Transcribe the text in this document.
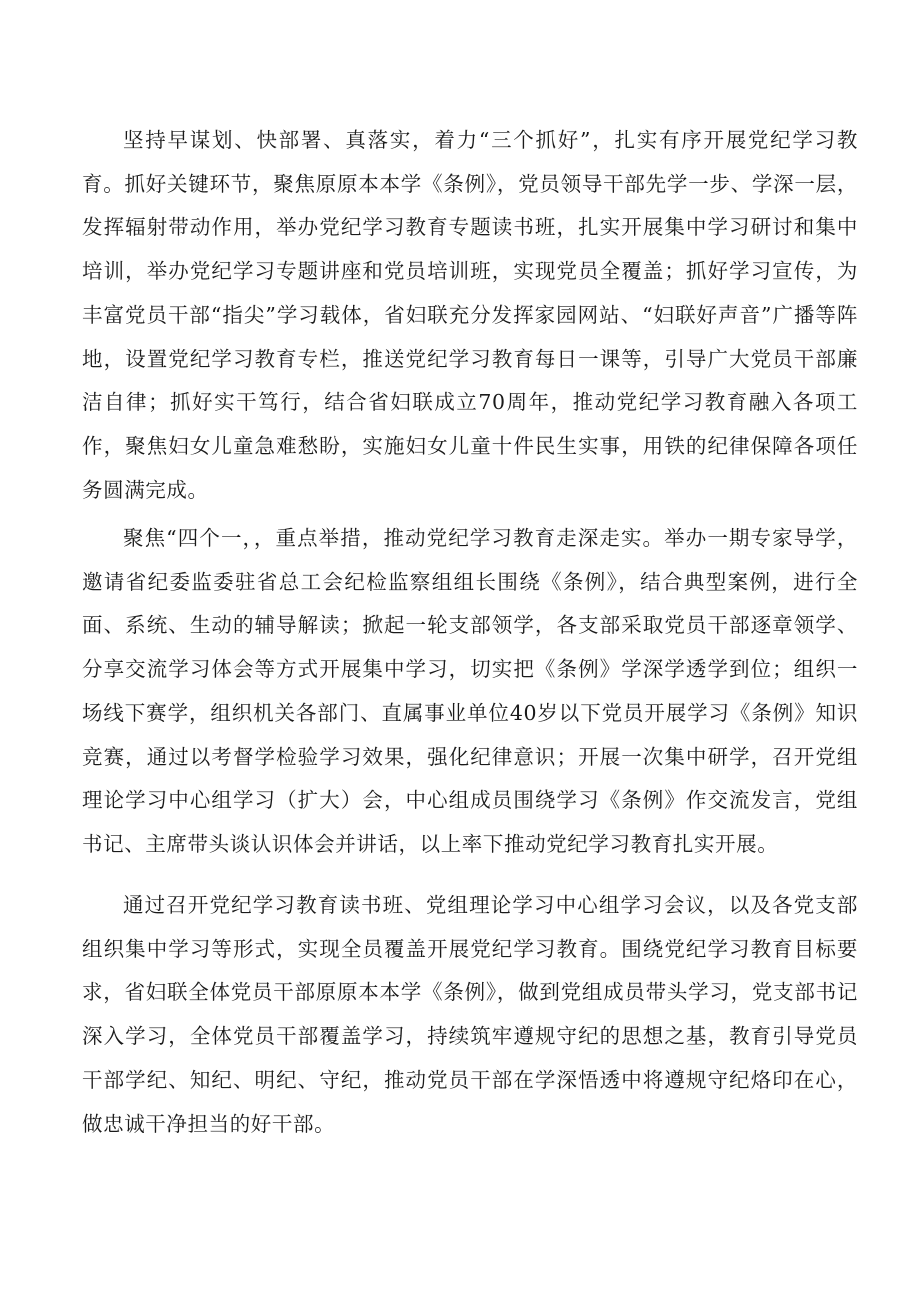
坚持早谋划、快部署、真落实，着力“三个抓好”，扎实有序开展党纪学习教育。抓好关键环节，聚焦原原本本学《条例》，党员领导干部先学一步、学深一层，发挥辐射带动作用，举办党纪学习教育专题读书班，扎实开展集中学习研讨和集中培训，举办党纪学习专题讲座和党员培训班，实现党员全覆盖；抓好学习宣传，为丰富党员干部“指尖”学习载体，省妇联充分发挥家园网站、“妇联好声音”广播等阵地，设置党纪学习教育专栏，推送党纪学习教育每日一课等，引导广大党员干部廉洁自律；抓好实干笃行，结合省妇联成立70周年，推动党纪学习教育融入各项工作，聚焦妇女儿童急难愁盼，实施妇女儿童十件民生实事，用铁的纪律保障各项任务圆满完成。

聚焦“四个一，，重点举措，推动党纪学习教育走深走实。举办一期专家导学，邀请省纪委监委驻省总工会纪检监察组组长围绕《条例》，结合典型案例，进行全面、系统、生动的辅导解读；掀起一轮支部领学，各支部采取党员干部逐章领学、分享交流学习体会等方式开展集中学习，切实把《条例》学深学透学到位；组织一场线下赛学，组织机关各部门、直属事业单位40岁以下党员开展学习《条例》知识竞赛，通过以考督学检验学习效果，强化纪律意识；开展一次集中研学，召开党组理论学习中心组学习（扩大）会，中心组成员围绕学习《条例》作交流发言，党组书记、主席带头谈认识体会并讲话，以上率下推动党纪学习教育扎实开展。

通过召开党纪学习教育读书班、党组理论学习中心组学习会议，以及各党支部组织集中学习等形式，实现全员覆盖开展党纪学习教育。围绕党纪学习教育目标要求，省妇联全体党员干部原原本本学《条例》，做到党组成员带头学习，党支部书记深入学习，全体党员干部覆盖学习，持续筑牢遵规守纪的思想之基，教育引导党员干部学纪、知纪、明纪、守纪，推动党员干部在学深悟透中将遵规守纪烙印在心，做忠诚干净担当的好干部。
